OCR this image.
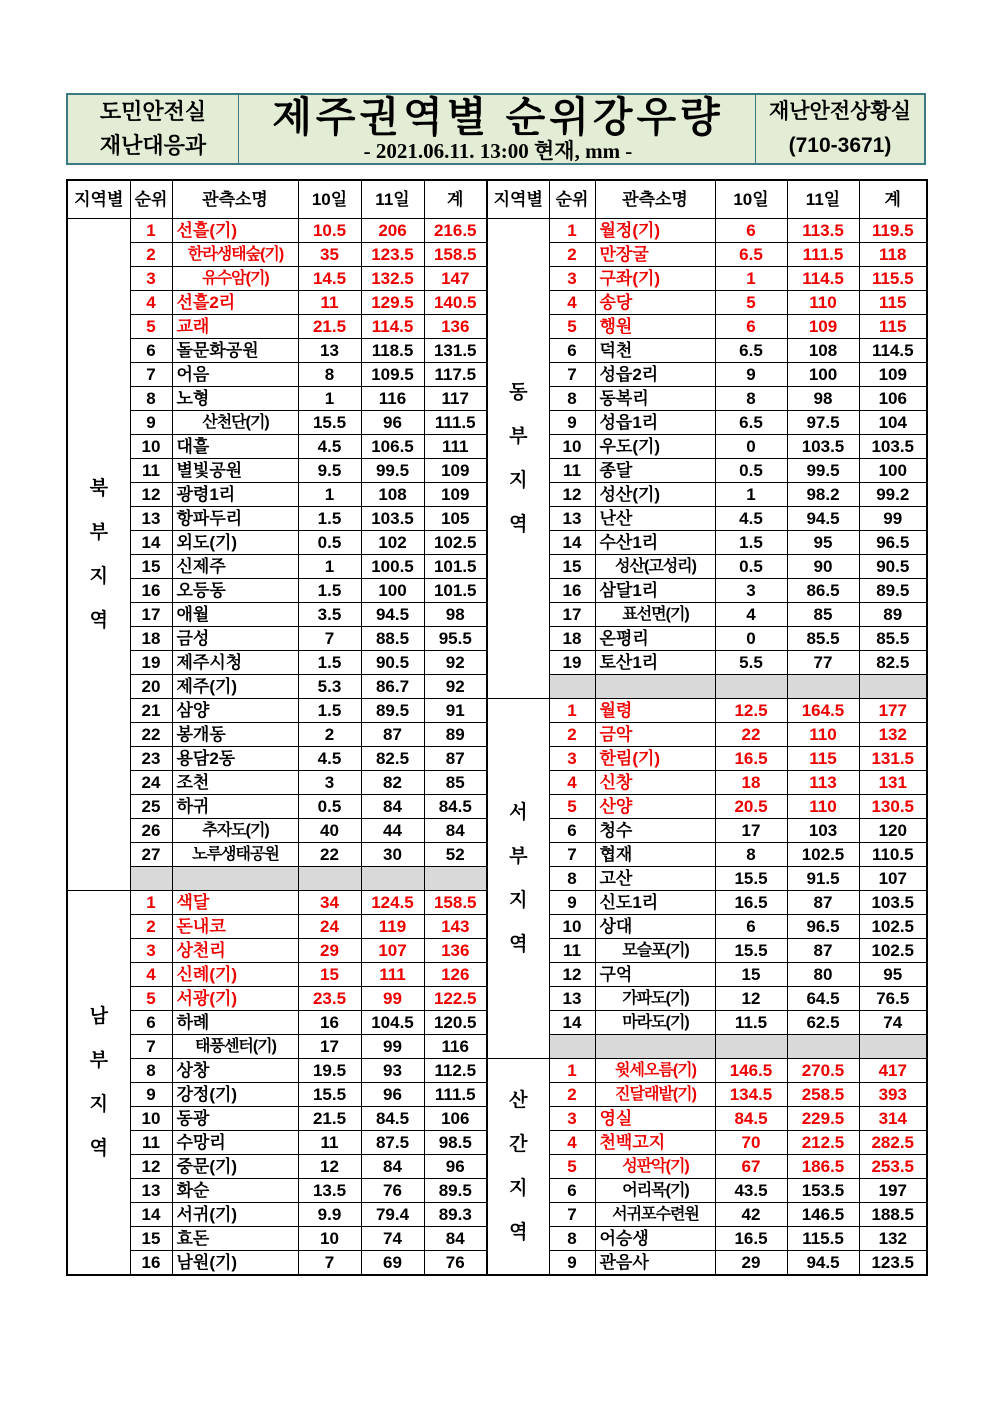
도민안전실
재난대응과
제주권역별 순위강우량
- 2021.06.11. 13:00 현재, mm -
재난안전상황실
(710-3671)
지역별	순위	관측소명	10일	11일	계
북
부
지
역	1	선흘(기)	10.5	206	216.5
	2	한라생태숲(기)	35	123.5	158.5
	3	유수암(기)	14.5	132.5	147
	4	선흘2리	11	129.5	140.5
	5	교래	21.5	114.5	136
	6	돌문화공원	13	118.5	131.5
	7	어음	8	109.5	117.5
	8	노형	1	116	117
	9	산천단(기)	15.5	96	111.5
	10	대흘	4.5	106.5	111
	11	별빛공원	9.5	99.5	109
	12	광령1리	1	108	109
	13	항파두리	1.5	103.5	105
	14	외도(기)	0.5	102	102.5
	15	신제주	1	100.5	101.5
	16	오등동	1.5	100	101.5
	17	애월	3.5	94.5	98
	18	금성	7	88.5	95.5
	19	제주시청	1.5	90.5	92
	20	제주(기)	5.3	86.7	92
	21	삼양	1.5	89.5	91
	22	봉개동	2	87	89
	23	용담2동	4.5	82.5	87
	24	조천	3	82	85
	25	하귀	0.5	84	84.5
	26	추자도(기)	40	44	84
	27	노루생태공원	22	30	52

남
부
지
역	1	색달	34	124.5	158.5
	2	돈내코	24	119	143
	3	상천리	29	107	136
	4	신례(기)	15	111	126
	5	서광(기)	23.5	99	122.5
	6	하례	16	104.5	120.5
	7	태풍센터(기)	17	99	116
	8	상창	19.5	93	112.5
	9	강정(기)	15.5	96	111.5
	10	동광	21.5	84.5	106
	11	수망리	11	87.5	98.5
	12	중문(기)	12	84	96
	13	화순	13.5	76	89.5
	14	서귀(기)	9.9	79.4	89.3
	15	효돈	10	74	84
	16	남원(기)	7	69	76
지역별	순위	관측소명	10일	11일	계
동
부
지
역	1	월정(기)	6	113.5	119.5
	2	만장굴	6.5	111.5	118
	3	구좌(기)	1	114.5	115.5
	4	송당	5	110	115
	5	행원	6	109	115
	6	덕천	6.5	108	114.5
	7	성읍2리	9	100	109
	8	동복리	8	98	106
	9	성읍1리	6.5	97.5	104
	10	우도(기)	0	103.5	103.5
	11	종달	0.5	99.5	100
	12	성산(기)	1	98.2	99.2
	13	난산	4.5	94.5	99
	14	수산1리	1.5	95	96.5
	15	성산(고성리)	0.5	90	90.5
	16	삼달1리	3	86.5	89.5
	17	표선면(기)	4	85	89
	18	온평리	0	85.5	85.5
	19	토산1리	5.5	77	82.5

서
부
지
역	1	월령	12.5	164.5	177
	2	금악	22	110	132
	3	한림(기)	16.5	115	131.5
	4	신창	18	113	131
	5	산양	20.5	110	130.5
	6	청수	17	103	120
	7	협재	8	102.5	110.5
	8	고산	15.5	91.5	107
	9	신도1리	16.5	87	103.5
	10	상대	6	96.5	102.5
	11	모슬포(기)	15.5	87	102.5
	12	구억	15	80	95
	13	가파도(기)	12	64.5	76.5
	14	마라도(기)	11.5	62.5	74

산
간
지
역	1	윗세오름(기)	146.5	270.5	417
	2	진달래밭(기)	134.5	258.5	393
	3	영실	84.5	229.5	314
	4	천백고지	70	212.5	282.5
	5	성판악(기)	67	186.5	253.5
	6	어리목(기)	43.5	153.5	197
	7	서귀포수련원	42	146.5	188.5
	8	어승생	16.5	115.5	132
	9	관음사	29	94.5	123.5
